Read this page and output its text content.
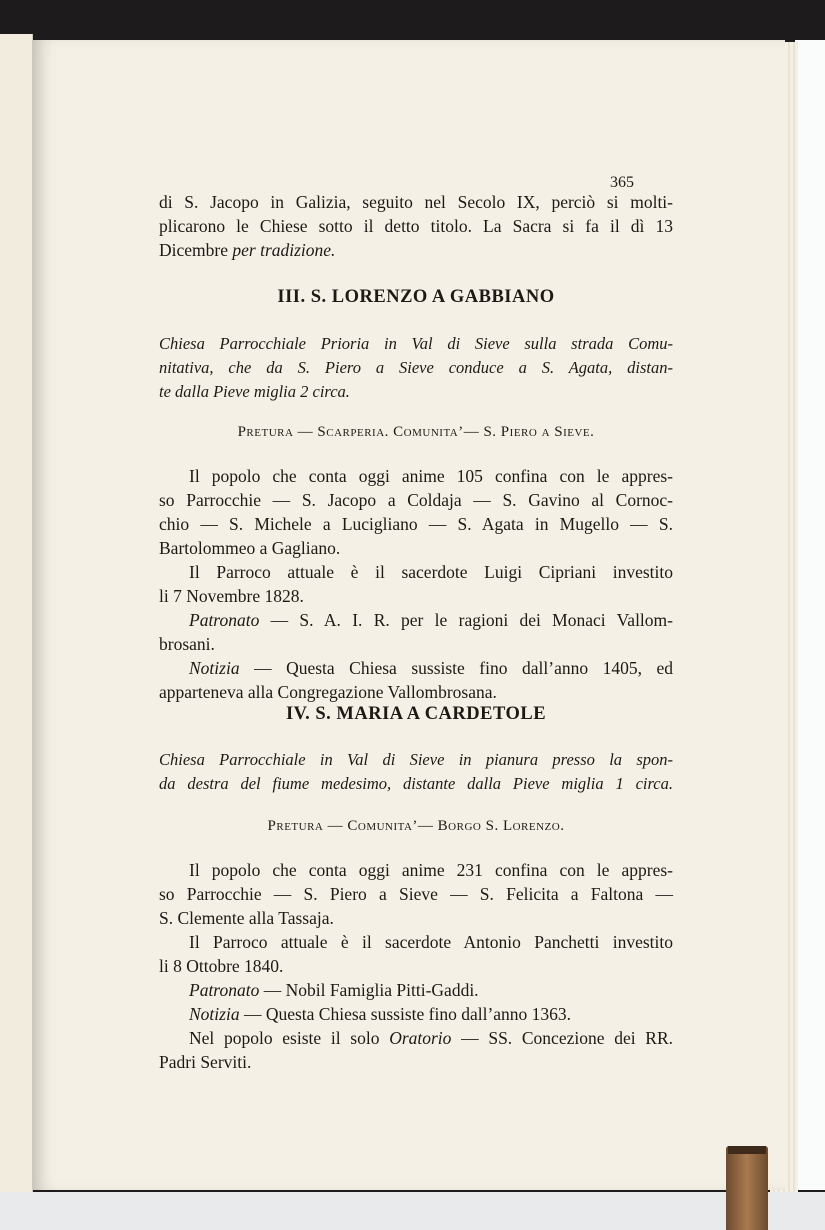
365
di S. Jacopo in Galizia, seguito nel Secolo IX, perciò si molti-
plicarono le Chiese sotto il detto titolo. La Sacra si fa il dì 13
Dicembre per tradizione.
III. S. LORENZO A GABBIANO
Chiesa Parrocchiale Prioria in Val di Sieve sulla strada Comu-
nitativa, che da S. Piero a Sieve conduce a S. Agata, distan-
te dalla Pieve miglia 2 circa.
Pretura — Scarperia. Comunita’— S. Piero a Sieve.
Il popolo che conta oggi anime 105 confina con le appres-
so Parrocchie — S. Jacopo a Coldaja — S. Gavino al Cornoc-
chio — S. Michele a Lucigliano — S. Agata in Mugello — S.
Bartolommeo a Gagliano.
Il Parroco attuale è il sacerdote Luigi Cipriani investito
li 7 Novembre 1828.
Patronato — S. A. I. R. per le ragioni dei Monaci Vallom-
brosani.
Notizia — Questa Chiesa sussiste fino dall’anno 1405, ed
apparteneva alla Congregazione Vallombrosana.
IV. S. MARIA A CARDETOLE
Chiesa Parrocchiale in Val di Sieve in pianura presso la spon-
da destra del fiume medesimo, distante dalla Pieve miglia 1 circa.
Pretura — Comunita’— Borgo S. Lorenzo.
Il popolo che conta oggi anime 231 confina con le appres-
so Parrocchie — S. Piero a Sieve — S. Felicita a Faltona —
S. Clemente alla Tassaja.
Il Parroco attuale è il sacerdote Antonio Panchetti investito
li 8 Ottobre 1840.
Patronato — Nobil Famiglia Pitti-Gaddi.
Notizia — Questa Chiesa sussiste fino dall’anno 1363.
Nel popolo esiste il solo Oratorio — SS. Concezione dei RR.
Padri Serviti.
